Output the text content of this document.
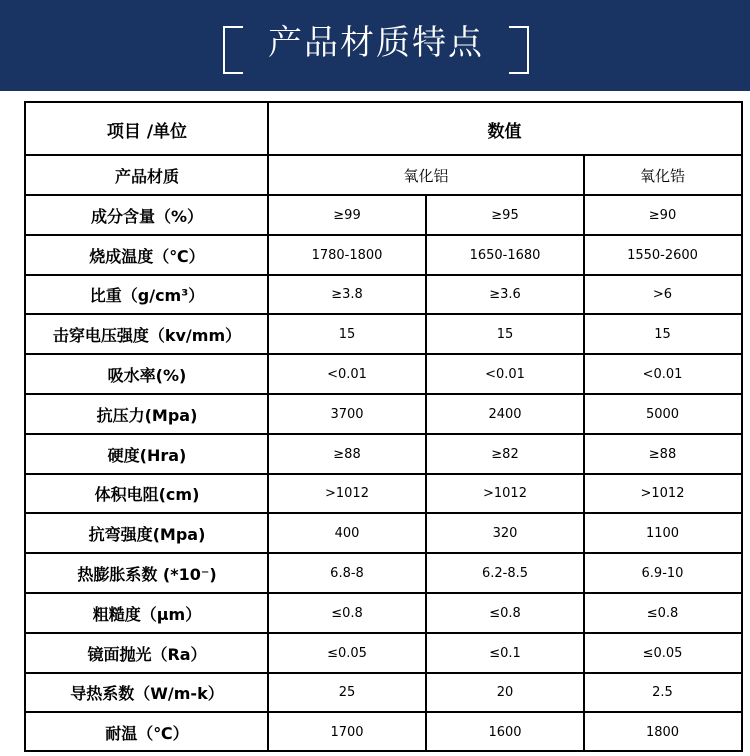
产品材质特点
项目 /单位	数值
产品材质	氧化铝	氧化锆
成分含量（%）	≥99	≥95	≥90
烧成温度（℃）	1780-1800	1650-1680	1550-2600
比重（g/cm³）	≥3.8	≥3.6	>6
击穿电压强度（kv/mm）	15	15	15
吸水率(%)	<0.01	<0.01	<0.01
抗压力(Mpa)	3700	2400	5000
硬度(Hra)	≥88	≥82	≥88
体积电阻(cm)	>1012	>1012	>1012
抗弯强度(Mpa)	400	320	1100
热膨胀系数 (*10⁻)	6.8-8	6.2-8.5	6.9-10
粗糙度（μm）	≤0.8	≤0.8	≤0.8
镜面抛光（Ra）	≤0.05	≤0.1	≤0.05
导热系数（W/m-k）	25	20	2.5
耐温（℃）	1700	1600	1800
